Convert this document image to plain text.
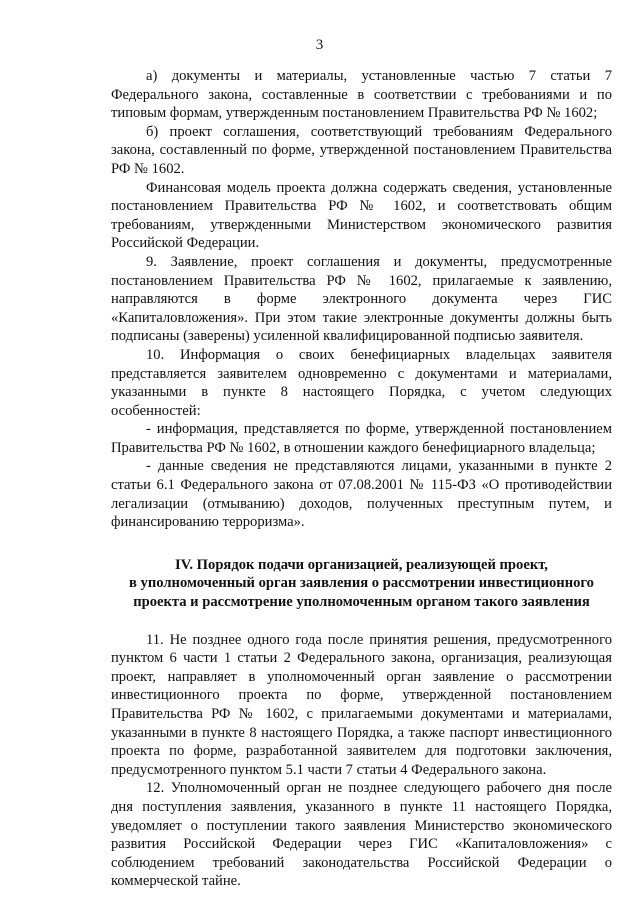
3

а) документы и материалы, установленные частью 7 статьи 7 Федерального закона, составленные в соответствии с требованиями и по типовым формам, утвержденным постановлением Правительства РФ № 1602;

б) проект соглашения, соответствующий требованиям Федерального закона, составленный по форме, утвержденной постановлением Правительства РФ № 1602.

Финансовая модель проекта должна содержать сведения, установленные постановлением Правительства РФ № 1602, и соответствовать общим требованиям, утвержденными Министерством экономического развития Российской Федерации.

9. Заявление, проект соглашения и документы, предусмотренные постановлением Правительства РФ № 1602, прилагаемые к заявлению, направляются в форме электронного документа через ГИС «Капиталовложения». При этом такие электронные документы должны быть подписаны (заверены) усиленной квалифицированной подписью заявителя.

10. Информация о своих бенефициарных владельцах заявителя представляется заявителем одновременно с документами и материалами, указанными в пункте 8 настоящего Порядка, с учетом следующих особенностей:

- информация, представляется по форме, утвержденной постановлением Правительства РФ № 1602, в отношении каждого бенефициарного владельца;

- данные сведения не представляются лицами, указанными в пункте 2 статьи 6.1 Федерального закона от 07.08.2001 № 115-ФЗ «О противодействии легализации (отмыванию) доходов, полученных преступным путем, и финансированию терроризма».

IV. Порядок подачи организацией, реализующей проект,
в уполномоченный орган заявления о рассмотрении инвестиционного
проекта и рассмотрение уполномоченным органом такого заявления

11. Не позднее одного года после принятия решения, предусмотренного пунктом 6 части 1 статьи 2 Федерального закона, организация, реализующая проект, направляет в уполномоченный орган заявление о рассмотрении инвестиционного проекта по форме, утвержденной постановлением Правительства РФ № 1602, с прилагаемыми документами и материалами, указанными в пункте 8 настоящего Порядка, а также паспорт инвестиционного проекта по форме, разработанной заявителем для подготовки заключения, предусмотренного пунктом 5.1 части 7 статьи 4 Федерального закона.

12. Уполномоченный орган не позднее следующего рабочего дня после дня поступления заявления, указанного в пункте 11 настоящего Порядка, уведомляет о поступлении такого заявления Министерство экономического развития Российской Федерации через ГИС «Капиталовложения» с соблюдением требований законодательства Российской Федерации о коммерческой тайне.
